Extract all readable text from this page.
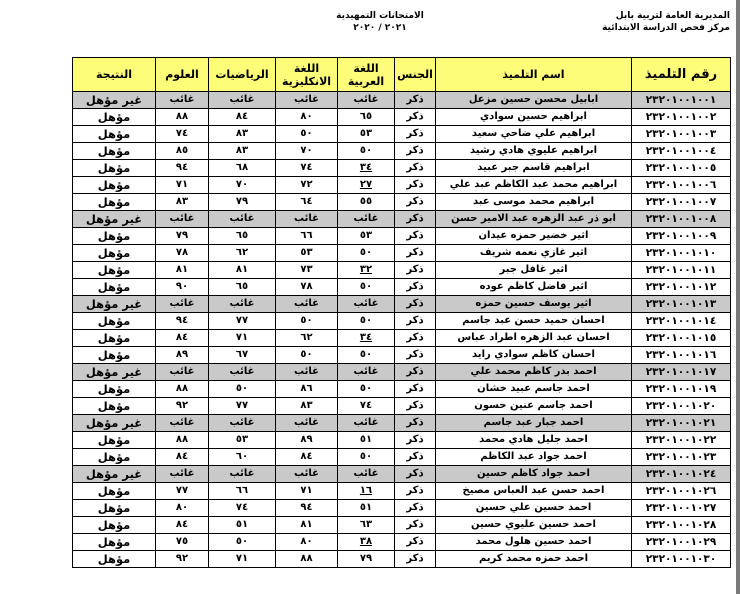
المديرية العامة لتربية بابل
مركز فحص الدراسة الابتدائية
الامتحانات التمهيدية
٢٠٢١ / ٢٠٢٠
رقم التلميذ	اسم التلميذ	الجنس	اللغة العربية	اللغة الانكليزية	الرياضيات	العلوم	النتيجة
٢٣٢٠١٠٠١٠٠١	ابابيل محسن حسين مزعل	ذكر	غائب	غائب	غائب	غائب	غير مؤهل
٢٣٢٠١٠٠١٠٠٢	ابراهيم حسين سوادي	ذكر	٦٥	٨٠	٨٤	٨٨	مؤهل
٢٣٢٠١٠٠١٠٠٣	ابراهيم علي ضاحي سعيد	ذكر	٥٣	٥٠	٨٣	٧٤	مؤهل
٢٣٢٠١٠٠١٠٠٤	ابراهيم عليوي هادي رشيد	ذكر	٥٠	٧٠	٨٣	٨٥	مؤهل
٢٣٢٠١٠٠١٠٠٥	ابراهيم قاسم جبر عبيد	ذكر	٣٤	٧٤	٦٨	٩٤	مؤهل
٢٣٢٠١٠٠١٠٠٦	ابراهيم محمد عبد الكاظم عبد علي	ذكر	٢٧	٧٢	٧٠	٧١	مؤهل
٢٣٢٠١٠٠١٠٠٧	ابراهيم محمد موسى عبد	ذكر	٥٥	٦٤	٧٩	٨٣	مؤهل
٢٣٢٠١٠٠١٠٠٨	ابو ذر عبد الزهره عبد الامير حسن	ذكر	غائب	غائب	غائب	غائب	غير مؤهل
٢٣٢٠١٠٠١٠٠٩	اثير خضير حمزه عيدان	ذكر	٥٣	٦٦	٦٥	٧٩	مؤهل
٢٣٢٠١٠٠١٠١٠	اثير غازي نعمه شريف	ذكر	٥٠	٥٣	٦٢	٧٨	مؤهل
٢٣٢٠١٠٠١٠١١	اثير غافل جبر	ذكر	٣٢	٧٣	٨١	٨١	مؤهل
٢٣٢٠١٠٠١٠١٢	اثير فاضل كاظم عوده	ذكر	٥٠	٧٨	٦٥	٩٠	مؤهل
٢٣٢٠١٠٠١٠١٣	اثير يوسف حسين حمزه	ذكر	غائب	غائب	غائب	غائب	غير مؤهل
٢٣٢٠١٠٠١٠١٤	احسان حميد حسن عبد جاسم	ذكر	٥٠	٥٠	٧٧	٩٤	مؤهل
٢٣٢٠١٠٠١٠١٥	احسان عبد الزهره اطراد عباس	ذكر	٣٤	٦٢	٧١	٨٤	مؤهل
٢٣٢٠١٠٠١٠١٦	احسان كاظم سوادي رايد	ذكر	٥٠	٥٠	٦٧	٨٩	مؤهل
٢٣٢٠١٠٠١٠١٧	احمد بدر كاظم محمد علي	ذكر	غائب	غائب	غائب	غائب	غير مؤهل
٢٣٢٠١٠٠١٠١٩	احمد جاسم عبيد خشان	ذكر	٥٠	٨٦	٥٠	٨٨	مؤهل
٢٣٢٠١٠٠١٠٢٠	احمد جاسم عنين حسون	ذكر	٧٤	٨٣	٧٧	٩٢	مؤهل
٢٣٢٠١٠٠١٠٢١	احمد جبار عبد جاسم	ذكر	غائب	غائب	غائب	غائب	غير مؤهل
٢٣٢٠١٠٠١٠٢٢	احمد جليل هادي محمد	ذكر	٥١	٨٩	٥٣	٨٨	مؤهل
٢٣٢٠١٠٠١٠٢٣	احمد جواد عبد الكاظم	ذكر	٥٠	٨٤	٦٠	٨٤	مؤهل
٢٣٢٠١٠٠١٠٢٤	احمد جواد كاظم حسين	ذكر	غائب	غائب	غائب	غائب	غير مؤهل
٢٣٢٠١٠٠١٠٢٦	احمد حسن عبد العباس مصيخ	ذكر	١٦	٧١	٦٦	٧٧	مؤهل
٢٣٢٠١٠٠١٠٢٧	احمد حسين علي حسين	ذكر	٥١	٩٤	٧٤	٨٠	مؤهل
٢٣٢٠١٠٠١٠٢٨	احمد حسين عليوي حسين	ذكر	٦٣	٨١	٥١	٨٤	مؤهل
٢٣٢٠١٠٠١٠٢٩	احمد حسين هلول محمد	ذكر	٣٨	٨٠	٥٠	٧٥	مؤهل
٢٣٢٠١٠٠١٠٣٠	احمد حمزه محمد كريم	ذكر	٧٩	٨٨	٧١	٩٢	مؤهل
